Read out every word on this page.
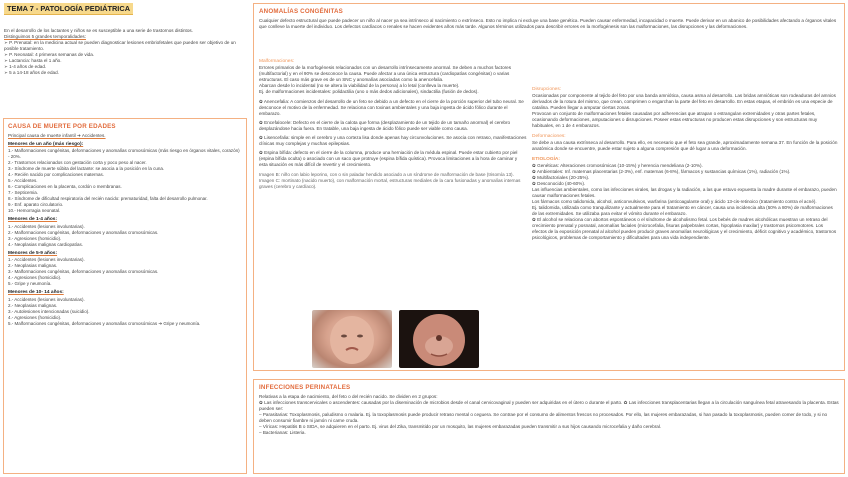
TEMA 7 - PATOLOGÍA PEDIÁTRICA
En el desarrollo de los lactantes y niños se es susceptible a una serie de trastornos distintos.
Distinguimos 5 grandes temporalidades:
➢ P. Prenatal: en la medicina actual se pueden diagnosticar lesiones embriofetales que pueden ser objetivo de un posible tratamiento.
➢ P. Neonatal: 4 primeras semanas de vida.
➢ Lactancia: hasta el 1 año.
➢ 1-4 años de edad.
➢ 5 a 14-18 años de edad.
CAUSA DE MUERTE POR EDADES
Principal causa de muerte infantil ➔ Accidentes.
Menores de un año (más riesgo):
1.- Malformaciones congénitas, deformaciones y anomalías cromosómicas (más riesgo en órganos vitales, corazón) - 20%.
2.- Trastornos relacionados con gestación corta y poco peso al nacer.
3.- Síndrome de muerte súbita del lactante: se asocia a la posición en la cuna.
4.- Recién nacido por complicaciones maternas.
5.- Accidentes.
6.- Complicaciones en la placenta, cordón o membranas.
7.- Septicemia.
8.- Síndrome de dificultad respiratoria del recién nacido: prematuridad, falta del desarrollo pulmonar.
9.- Enf. aparato circulatorio.
10.- Hemorragia neonatal.
Menores de 1-4 años:
1.- Accidentes (lesiones involuntarias).
2.- Malformaciones congénitas, deformaciones y anomalías cromosómicas.
3.- Agresiones (homicidio).
4.- Neoplasias malignas cardiopatías.
Menores de 5-9 años:
1.- Accidentes (lesiones involuntarias).
2.- Neoplasias malignas.
3.- Malformaciones congénitas, deformaciones y anomalías cromosómicas.
4.- Agresiones (homicidio).
5.- Gripe y neumonía.
Menores de 10- 14 años:
1.- Accidentes (lesiones involuntarias).
2.- Neoplasias malignas.
3.- Autolesiones intencionadas (suicidio).
4.- Agresiones (homicidio).
5.- Malformaciones congénitas, deformaciones y anomalías cromosómicas ➔ Gripe y neumonía.
ANOMALÍAS CONGÉNITAS
Cualquier defecto estructural que puede padecer un niño al nacer ya sea intrínseco al nacimiento o extrínseco. Esto no implica ni excluye una base genética. Pueden causar enfermedad, incapacidad o muerte. Puede derivar en un abanico de posibilidades afectando a órganos vitales que conlleve la muerte del individuo. Los defectos cardíacos o renales se hacen evidentes años más tarde. Algunos términos utilizados para describir errores en la morfogénesis son las malformaciones, las disrupciones y las deformaciones.
Malformaciones:
Errores primarios de la morfogénesis relacionados con un desarrollo intrínsecamente anormal. Se deben a muchos factores (multifactorial) y en el 90% se desconoce la causa. Puede afectar a una única estructura (cardiopatías congénitas) o varias estructuras. El caso más grave es de un SNC y anomalías asociadas como la anencefalia.
Abarcan desde lo incidental (no se altera la viabilidad de la persona) a lo letal (conlleva la muerte).
Ej. de malformaciones incidentales: polidactilia (uno o más dedos adicionales), sindactilia (fusión de dedos).
✿ Anencefalia: A comienzos del desarrollo de un feto se debido a un defecto en el cierre de la porción superior del tubo neural. Se desconoce el motivo de la enfermedad. Se relaciona con toxinas ambientales y una baja ingesta de ácido fólico durante el embarazo.
✿ Encefalocele: Defecto en el cierre de la calota que forma (desplazamiento de un tejido de un tamaño anormal) el cerebro desplazándose hacia fuera. En tratable, una baja ingesta de ácido fólico puede ser viable como causa.
✿ Lisencefalia: simple en el cerebro y una corteza lisa donde apenas hay circunvoluciones. Se asocia con retraso, manifestaciones clínicas muy complejas y muchas epilepsias.
✿ Espina bífida: defecto en el cierre de la columna, produce una herniación de la médula espinal. Puede estar cubierto por piel (espina bífida oculta) o asociado con un saco que protruye (espina bífida quística). Provoca limitaciones a la hora de caminar y esta situación es más difícil de revertir y el crecimiento.
Imagen B: niño con labio leporino, con o sin paladar hendido asociado a un síndrome de malformación de base (trisomía 13).
Imagen C: mortinato (nacido muerto), con malformación mortal, estructuras mediales de la cara fusionadas y anomalías internas graves (cerebro y cardíaco).
Disrupciones:
Ocasionadas por componente al tejido del feto por una banda amniótica, causa asma al desarrollo. Las bridas amnióticas son rodeaduras del amnios derivados de la rotura del mismo, que crean, comprimen o engarchan la parte del feto en desarrollo. En estas etapas, el embrión es una especie de catalina. Pueden llegar a amputar ciertas zonas.
Provocan un conjunto de malformaciones fetales causadas por adherencias que atrapan o estrangulan extremidades y otras partes fetales, ocasionando deformaciones, amputaciones o disrupciones. Poseer estas estructuras no producen estas disrupciones y son estructuras muy habituales, en 1 de 4 embarazos.
Deformaciones:
Se debe a una causa extrínseca al desarrollo. Para ello, es necesario que el feto sea grande, aproximadamente semana 37. En función de la posición anatómica donde se encuentre, puede estar sujeto a alguna compresión que dé lugar a una deformación.
ETIOLOGÍA:
✿ Genéticas: Alteraciones cromosómicas (10-15%) y herencia mendeliana (2-10%).
✿ Ambientales: Inf. maternas placentarias (2-3%), enf. maternas (6-8%), fármacos y sustancias químicas (1%), radiación (1%).
✿ Multifactoriales (20-25%).
✿ Desconocido (40-60%).
Las influencias ambientales, como las infecciones virales, las drogas y la radiación, a las que estuvo expuesta la madre durante el embarazo, pueden causar malformaciones fetales.
Los fármacos como talidomida, alcohol, anticonvulsivos, warfarina (anticoagulante oral) y ácido 13-cis-retinoico (tratamiento contra el acné).
Ej. talidomida, utilizada como tranquilizante y actualmente para el tratamiento en cáncer, causa una incidencia alta (50% a 80%) de malformaciones de las extremidades. Se utilizaba para evitar el vómito durante el embarazo.
✿ El alcohol se relaciona con abortos espontáneos o el síndrome de alcoholismo fetal. Los bebés de madres alcohólicas muestran un retraso del crecimiento prenatal y posnatal, anomalías faciales (microcefalia, fisuras palpebrales cortas, hipoplasia maxilar) y trastornos psicomotores. Los efectos de la exposición prenatal al alcohol pueden producir graves anomalías neurológicas y el crecimiento, déficit cognitivo y académico, trastornos psicológicos, problemas de comportamiento y dificultades para una vida independiente.
INFECCIONES PERINATALES
Relativas a la etapa de nacimiento, del feto o del recién nacido. Se dividen en 2 grupos:
✿ Las infecciones transcervicales o ascendentes: causadas por la diseminación de microbios desde el canal cervicovaginal y pueden ser adquiridas en el útero o durante el parto. ✿ Las infecciones transplacentarias llegan a la circulación sanguínea fetal atravesando la placenta. Estas pueden ser:
– Parasitarias: Toxoplasmosis, paludismo o malaria. Ej. la toxoplasmosis puede producir retraso mental o ceguera. Se contrae por el consumo de alimentos frescos no procesados. Por ello, las mujeres embarazadas, si han pasado la toxoplasmosis, pueden comer de todo, y si no deben consumir fiambre ni jamón ni carne cruda.
– Víricas: Hepatitis B o SIDA, se adquieren en el parto. Ej. virus del Zika, transmitido por un mosquito, las mujeres embarazadas pueden transmitir a sus hijos causando microcefalia y daño cerebral.
– Bacterianas: Listeria.
